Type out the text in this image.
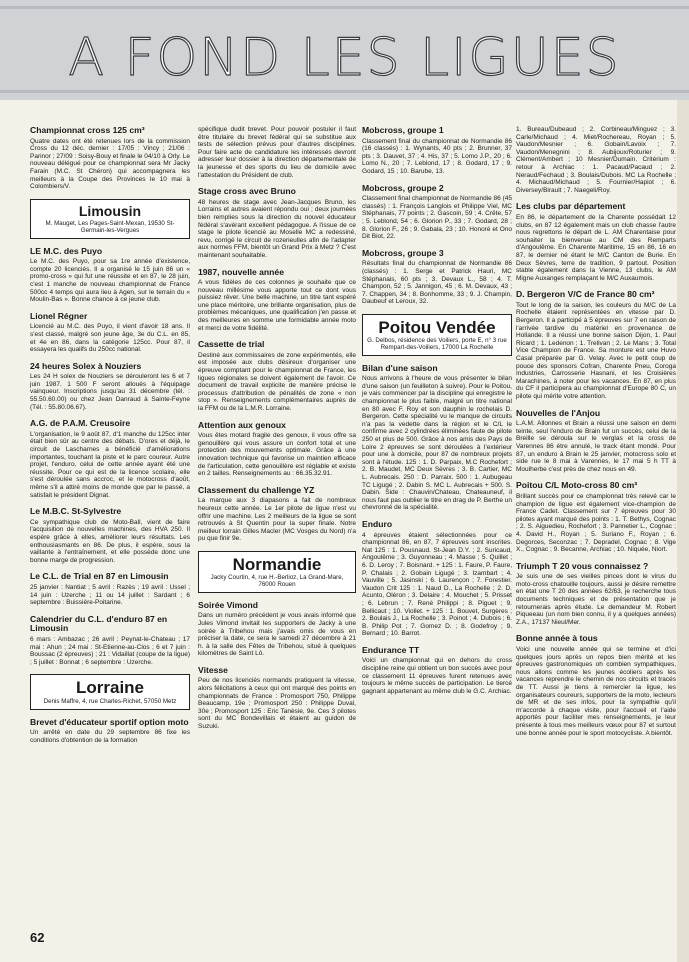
A FOND LES LIGUES
Championnat cross 125 cm³

Quatre dates ont été retenues lors de la commission Cross du 12 déc. dernier : 17/05 : Vincy ; 21/06 : Parinor ; 27/09 : Soisy-Bouy et finale le 04/10 à Orly. Le nouveau délégué pour ce championnat sera Mr Jacky Farain (M.C. St Chéron) qui accompagnera les meilleurs à la Coupe des Provinces le 10 mai à Colombiers/V.

Limousin
M. Mauget, Les Pages-Saint-Mexan, 19530 St-Germain-les-Vergues
LE M.C. des Puyo

Le M.C. des Puyo, pour sa 1re année d'existence, compte 20 licenciés. Il a organisé le 15 juin 86 un « promo-cross » qui fut une réussite et en 87, le 28 juin, c'est 1 manche de nouveau championnat de France 500cc 4 temps qui aura lieu à Agen, sur le terrain du « Moulin-Bas ». Bonne chance à ce jeune club.

Lionel Régner

Licencié au M.C. des Puyo, il vient d'avoir 18 ans. Il s'est classé, malgré son jeune âge, 3e du C.L. en 85, et 4e en 86, dans la catégorie 125cc. Pour 87, il essayera les qualifs du 250cc national.

24 heures Solex à Nouziers

Les 24 H solex de Nouziers se dérouleront les 6 et 7 juin 1987. 1 500 F seront alloués à l'équipage vainqueur. Inscriptions jusqu'au 31 décembre (tél. : 55.50.60.00) ou chez Jean Danraud à Sainte-Feyne (Tél. : 55.80.06.67).

A.G. de P.A.M. Creusoire

L'organisation, le 9 août 87, d'1 manche du 125cc inter était bien sûr au centre des débats. D'ores et déjà, le circuit de Lascharnes a bénéficié d'améliorations importantes, touchant la piste et le parc coureur. Autre projet, l'enduro, celui de cette année ayant été une réussite. Pour ce qui est de la licence scolaire, elle s'est déroulée sans accroc, et le motocross d'août, même s'il a attiré moins de monde que par le passé, a satisfait le président Dignat.

Le M.B.C. St-Sylvestre

Ce sympathique club de Moto-Ball, vient de faire l'acquisition de nouvelles machines, des HVA 250. Il espère grâce à elles, améliorer leurs résultats. Les enthousiasmants en 86. De plus, il espère, sous la vaillante à l'entraînement, et elle possède donc une bonne marge de progression.

Le C.L. de Trial en 87 en Limousin

25 janvier : Nantiat ; 5 avril : Razès ; 19 avril : Ussel ; 14 juin : Uzerche ; 11 ou 14 juillet : Sardant ; 6 septembre : Buissière-Poitarine.

Calendrier du C.L. d'enduro 87 en Limousin

6 mars : Ambazac ; 26 avril : Peynat-le-Chateau ; 17 mai : Ahun ; 24 mai : St-Etienne-au-Clos ; 6 et 7 juin : Boussac (2 épreuves) ; 21 : Vidaillat (coupe de la ligue) ; 5 juillet : Bonnat ; 6 septembre : Uzerche.

Lorraine
Denis Maffre, 4, rue Charles-Richet, 57050 Metz
Brevet d'éducateur sportif option moto

Un arrêté en date du 29 septembre 86 fixe les conditions d'obtention de la formation

spécifique dudit brevet. Pour pouvoir postuler il faut être titulaire du brevet fédéral qui se substitue aux tests de sélection prévus pour d'autres disciplines. Pour faire acte de candidature les intéressés devront adresser leur dossier à la direction départementale de la jeunesse et des sports du lieu de domicile avec l'attestation du Président de club.

Stage cross avec Bruno

48 heures de stage avec Jean-Jacques Bruno, les Lorrains et autres avaient répondu oui ; deux journées bien remplies sous la direction du nouvel éducateur fédéral s'avérant excellent pédagogue. A l'issue de ce stage le pilote licencié au Moselle MC a redessiné, revu, corrigé le circuit de rozerieulles afin de l'adapter aux normes FFM, bientôt un Grand Prix à Metz ? C'est maintenant souhaitable.

1987, nouvelle année

A vous fidèles de ces colonnes je souhaite que ce nouveau millésime vous apporte tout ce dont vous puissiez rêver. Une belle machine, un titre tant espéré une place méritoire, une brillante organisation, plus de problèmes mécaniques, une qualification j'en passe et des meilleures en somme une formidable année moto et merci de votre fidélité.

Cassette de trial

Destiné aux commissaires de zone expérimentés, elle est imposée aux clubs désireux d'organiser une épreuve comptant pour le championnat de France, les ligues régionales se doivent également de l'avoir. Ce document de travail explicite de manière précise le processus d'attribution de pénalités de zone « non stop ». Renseignements complémentaires auprès de la FFM ou de la L.M.R. Lorraine.

Attention aux genoux

Vous êtes motard fragile des genoux, il vous offre sa genouillère qui vous assure un confort total et une protection des mouvements optimale. Grâce à une innovation technique qui favorise un maintien efficace de l'articulation, cette genouillère est réglable et existe en 2 tailles. Renseignements au : 66.35.32.91.

Classement du challenge YZ

La marque aux 3 diapasons a fait de nombreux heureux cette année. Le 1er pilote de ligue n'est vu offrir une machine. Les 2 meilleurs de la ligue se sont retrouvés à St Quentin pour la super finale. Notre meilleur lorrain Gilles Macler (MC Vosges du Nord) n'a pu que finir 9e.

Normandie
Jacky Courtin, 4, rue H.-Berlioz, La Grand-Mare, 76000 Rouen
Soirée Vimond

Dans un numéro précédent je vous avais informé que Jules Vimond invitait les supporters de Jacky à une soirée à Tribehou mais j'avais omis de vous en préciser la date, ce sera le samedi 27 décembre à 21 h. à la salle des Fêtes de Tribehou, situé à quelques kilomètres de Saint Lô.

Vitesse

Peu de nos licenciés normands pratiquent la vitesse, alors félicitations à ceux qui ont marqué des points en championnats de France : Promosport 750, Philippe Beaucamp, 19e ; Promosport 250 : Philippe Duval, 30e ; Promosport 125 : Eric Tanèsie, 9e. Ces 3 pilotes sont du MC Bondevillais et étaient au guidon de Suzuki.

Mobcross, groupe 1

Classement final du championnat de Normandie 86 (16 classés) : 1. Wynants, 40 pts ; 2. Brunner, 37 pts ; 3. Dauvet, 37 ; 4. His, 37 ; 5. Lomo J.P., 20 ; 6. Lomo N., 20 ; 7. Leblond, 17 ; 8. Godard, 17 ; 9. Godard, 15 ; 10. Barube, 13.

Mobcross, groupe 2

Classement final championnat de Normandie 86 (45 classés) : 1. François Langlois et Philippe Viel, MC Stéphanais, 77 points ; 2. Gascoin, 59 ; 4. Crête, 57 ; 5. Leblond, 54 ; 6. Glorion P., 33 ; 7. Godard, 28 ; 8. Glorion F., 26 ; 9. Gabala, 23 ; 10. Honoré et Ono Dit Biot, 22.

Mobcross, groupe 3

Résultats final du championnat de Normandie 86 (classés) : 1. Serge et Patrick Hauri, MC Stéphanais, 60 pts ; 3. Devaux L., 58 ; 4. T. Champon, 52 ; 5. Jannigon, 45 ; 6. M. Devaux, 43 ; 7. Chappen, 34 ; 8. Bonhomme, 33 ; 9. J. Champin, Daubeuf et Leroux, 32.

Poitou Vendée
G. Delbos, résidence des Voiliers, porte E, n° 3 rue Rempart-des-Voiliers, 17000 La Rochelle
Bilan d'une saison

Nous arrivons à l'heure de vous présenter le bilan d'une saison (un feuilleton à suivre). Pour le Poitou, je vais commencer par la discipline qui enregistre le championnat le plus faible, malgré un titre national en 80 avec F. Roy et son dauphin le rochelais D. Bergeron. Cette spécialité vu le manque de circuits n'a pas la vedette dans la région et le C/L le confirme avec 2 cylindrées éliminées faute de pilote 250 et plus de 500. Grâce à nos amis des Pays de Loire 2 épreuves se sont déroulées à l'extérieur pour une à domicile, pour 87 de nombreux projets sont à l'étude. 125 : 1. D. Parpaix, M.C Rochefort ; 2. B. Maudet, MC Deux Sèvres ; 3. B. Cartier, MC L. Aubrecais. 250 : D. Parraix. 500 : 1. Aubugeau TC Ligugé ; 2. Dabin S. MC L. Aubrecais + 500. S. Dabin. Side : Chauvin/Chateau, Chateauneuf, il nous faut pas oublier le titre en drag de P. Berthe un chevronné de la spécialité.

Enduro

4 épreuves étaient sélectionnées pour ce championnat 86, en 87, 7 épreuves sont inscrites. Nat 125 : 1. Pousnaud. St-Jean D.Y. ; 2. Suricaud, Angoulême ; 3. Guyonneau ; 4. Masse ; 5. Quillet ; 6. D. Leroy ; 7. Boisnard. + 125 : 1. Faure, P. Faure, P. Chalais ; 2. Gobain Ligugé ; 3. Izambart ; 4. Vauville ; 5. Jasinski ; 6. Laurençon ; 7. Forestier. Vaudon Crit 125 : 1. Naud D., La Rochelle ; 2. D. Acunto, Oléron ; 3. Delaire ; 4. Mouchet ; 5. Prisset ; 6. Lebrun ; 7. René Philippi ; 8. Piguet ; 9. Bellicaut ; 10. Viollet. + 125 : 1. Bouvet, Surgères ; 2. Boulais J., La Rochelle ; 3. Poinot ; 4. Dubois ; 6. B. Philip Pot ; 7. Gomez D. ; 8. Godefroy ; 9. Bernard ; 10. Barrot.

Endurance TT

Voici un championnat qui en dehors du cross discipline reine qui obtient un bon succès avec pour ce classement 11 épreuves furent retenues avec toujours le même succès de participation. Le tiercé gagnant appartenant au même club le G.C. Archiac.

1. Bureau/Dubeaud ; 2. Corbineau/Minguez ; 3. Carle/Michaud ; 4. Miet/Rochereau, Royan ; 5. Vaudon/Mesnier ; 6. Gobain/Lavoix ; 7. Vaudon/Menegnini ; 8. Aubijoux/Roturier ; 9. Clément/Ambert ; 10 Mesnier/Dumain. Critérium : retour à Archiac : 1. Pacaud/Pacaud ; 2. Neraud/Fechaud ; 3. Boulais/Dubois. MC La Rochelle ; 4. Michaud/Michaud ; 5. Fournier/Hapiot ; 6. Diversey/Birault ; 7. Naegeli/Roy.

Les clubs par département

En 86, le département de la Charente possédait 12 clubs, en 87 12 également mais un club chasse l'autre nous regrettons le départ de L. AM Charentaise pour souhaiter la bienvenue au CM des Remparts d'Angoulême. En Charente Maritime, 15 en 86, 16 en 87, le dernier né étant le M/C Canton de Burie. En Deux Sèvres, terre de tradition, 9 partout. Position stable également dans la Vienne, 13 clubs, le AM Migne Auxanges remplaçant le M/C Auxaumois.

D. Bergeron V/C de France 80 cm³

Tout le long de la saison, les couleurs du M/C de La Rochelle étaient représentées en vitesse par D. Bergeron. Il a participé à 5 épreuves sur 7 en raison de l'arrivée tardive du matériel en provenance de Hollande. Il a réussi une bonne saison Dijon, 1. Paul Ricard ; 1. Ledenon ; 1. Trelivan ; 2. Le Mans ; 3. Total Vice Champion de France. Sa monture est une Huvo Casal préparée par G. Velay. Avec le petit coup de pouce des sponsors Cofran, Charente Pneu, Coroga Industries, Carrosserie Hasnani, et les Croisières Marachines, à noter pour les vacances. En 87, en plus du CF il participera au championnat d'Europe 80 C, un pilote qui mérite votre attention.

Nouvelles de l'Anjou

L.A.M. Allonnes et Brain a réussi une saison en demi teinte, seul l'enduro de Brain fut un succès, celui de la Breille se déroula sur le verglas et la cross de Varennes 86 étre annulé, le track étant mondé. Pour 87, un enduro à Brain le 25 janvier, motocross solo et side rue le 8 mai à Varennes, le 17 mai 5 h TT à Moulherbe c'est près de chez nous en 49.

Poitou C/L Moto-cross 80 cm³

Brillant succès pour ce championnat très relevé car le champion de ligue est également vice-champion de France Cadet. Classement sur 7 épreuves pour 30 pilotes ayant marqué des points : 1. T. Bethys, Cognac ; 2. S. Aiguedieu, Rochefort ; 3. Pannetier L., Cognac ; 4. David H., Royan ; 5. Suriano F., Royan ; 6. Degorces, Seconzac ; 7. Depradel, Cognac ; 8. Vige X., Cognac ; 9. Becanne, Archiac ; 10. Niquée, Niort.

Triumph T 20 vous connaissez ?

Je suis une de ses vieilles pinces dont le virus du moto-cross chatouille toujours, aussi je désire remettre en état une T 20 des années 62/63, je recherche tous documents techniques et de présentation que je retournerais après étude. Le demandeur M. Robert Piqueeau (un nom bien connu, il y a quelques années) Z.A., 17137 Nieul/Mer.

Bonne année à tous

Voici une nouvelle année qui se termine et d'ici quelques jours après un repos bien mérité et les épreuves gastronomiques oh combien sympathiques, nous allons comme les jeunes écoliers après les vacances reprendre le chemin de nos circuits et tracés de TT. Aussi je tiens à remercier la ligue, les organisateurs coureurs, supporters de la moto, lecteurs de MR et de ses infos, pour la sympathie qu'il m'accorde à chaque visite, pour l'accueil et l'aide apportés pour faciliter mes renseignements, je leur présente à tous mes meilleurs vœux pour 87 et surtout une bonne année pour le sport motocycliste. A bientôt.

62
